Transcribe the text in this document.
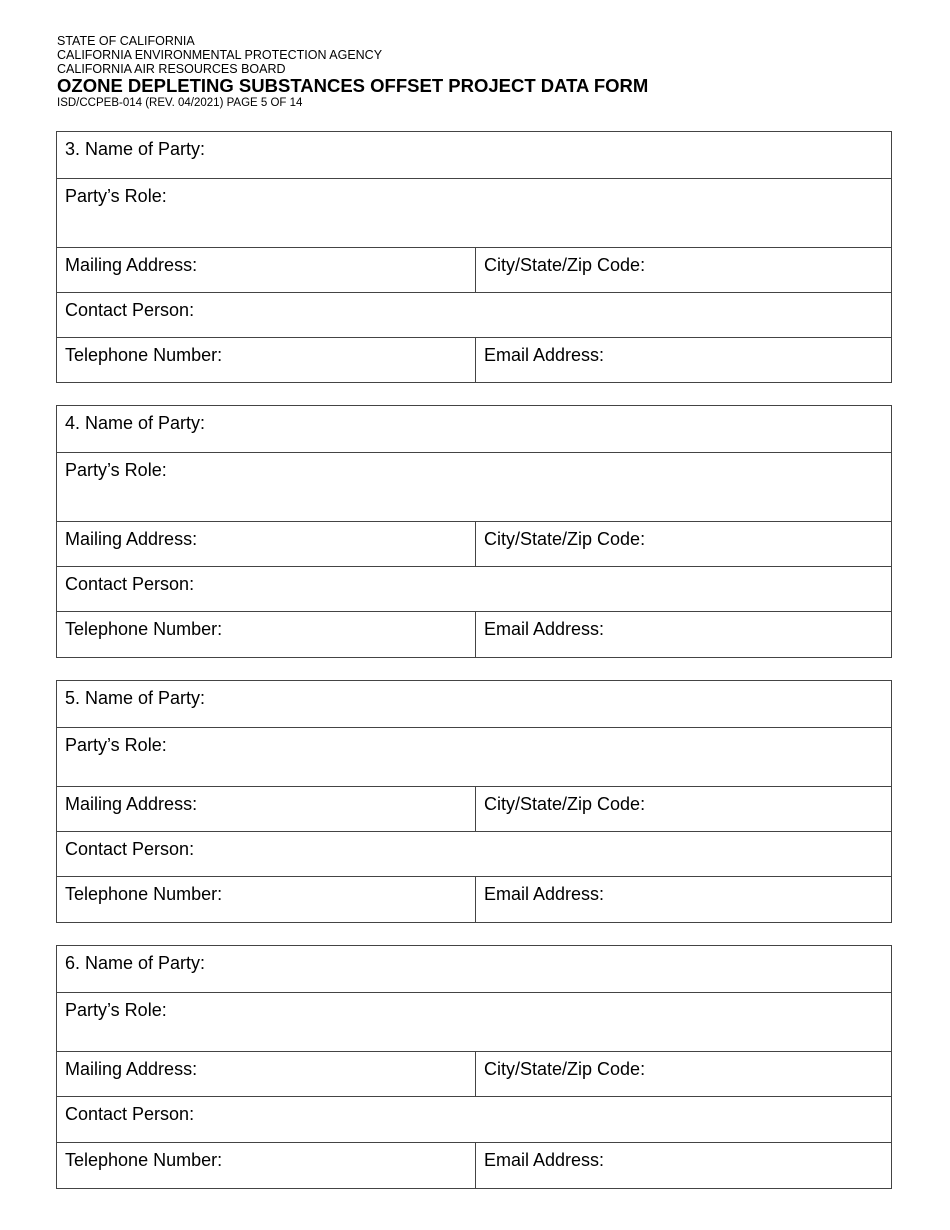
STATE OF CALIFORNIA
CALIFORNIA ENVIRONMENTAL PROTECTION AGENCY
CALIFORNIA AIR RESOURCES BOARD
OZONE DEPLETING SUBSTANCES OFFSET PROJECT DATA FORM
ISD/CCPEB-014 (REV. 04/2021) PAGE 5 OF 14
3. Name of Party:
Party’s Role:
Mailing Address:	City/State/Zip Code:
Contact Person:
Telephone Number:	Email Address:
4. Name of Party:
Party’s Role:
Mailing Address:	City/State/Zip Code:
Contact Person:
Telephone Number:	Email Address:
5. Name of Party:
Party’s Role:
Mailing Address:	City/State/Zip Code:
Contact Person:
Telephone Number:	Email Address:
6. Name of Party:
Party’s Role:
Mailing Address:	City/State/Zip Code:
Contact Person:
Telephone Number:	Email Address:
